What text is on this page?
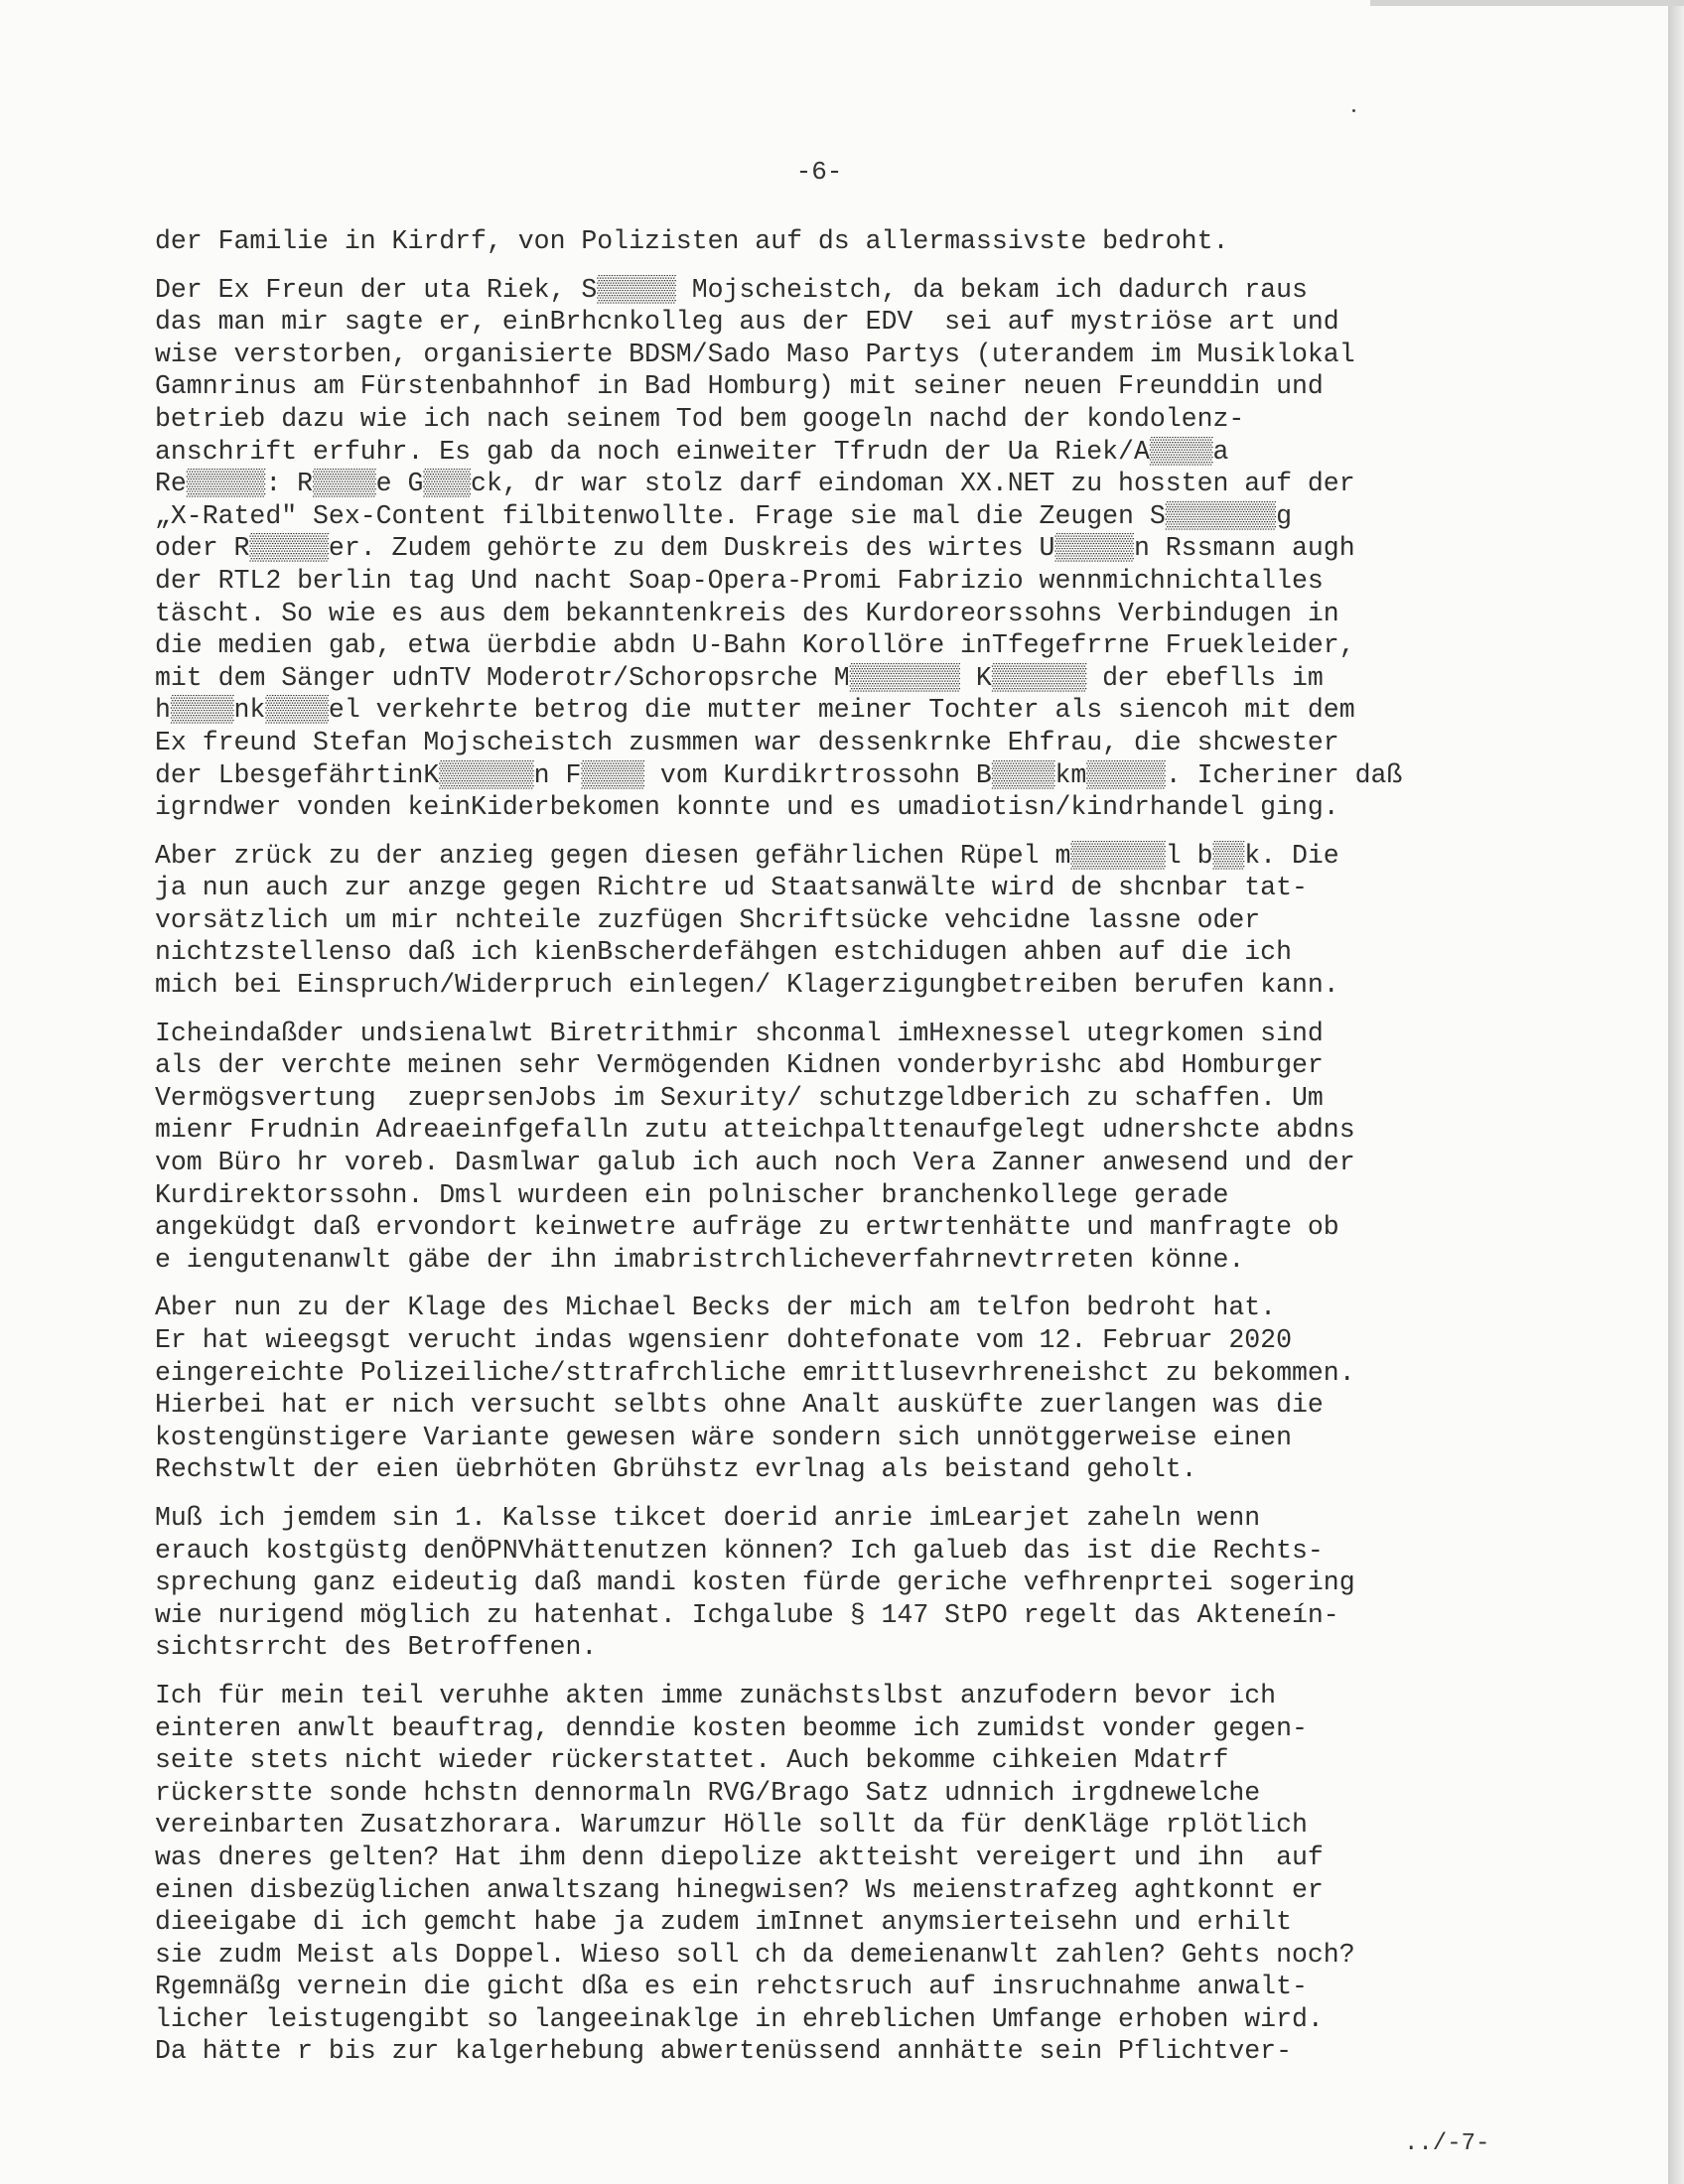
-6-
der Familie in Kirdrf, von Polizisten auf ds allermassivste bedroht.
Der Ex Freun der uta Riek, S▒▒▒▒▒ Mojscheistch, da bekam ich dadurch raus
das man mir sagte er, einBrhcnkolleg aus der EDV  sei auf mystriöse art und
wise verstorben, organisierte BDSM/Sado Maso Partys (uterandem im Musiklokal
Gamnrinus am Fürstenbahnhof in Bad Homburg) mit seiner neuen Freunddin und
betrieb dazu wie ich nach seinem Tod bem googeln nachd der kondolenz-
anschrift erfuhr. Es gab da noch einweiter Tfrudn der Ua Riek/A▒▒▒▒a
Re▒▒▒▒▒: R▒▒▒▒e G▒▒▒ck, dr war stolz darf eindoman XX.NET zu hossten auf der
„X-Rated" Sex-Content filbitenwollte. Frage sie mal die Zeugen S▒▒▒▒▒▒▒g
oder R▒▒▒▒▒er. Zudem gehörte zu dem Duskreis des wirtes U▒▒▒▒▒n Rssmann augh
der RTL2 berlin tag Und nacht Soap-Opera-Promi Fabrizio wennmichnichtalles
täscht. So wie es aus dem bekanntenkreis des Kurdoreorssohns Verbindugen in
die medien gab, etwa üerbdie abdn U-Bahn Korollöre inTfegefrrne Fruekleider,
mit dem Sänger udnTV Moderotr/Schoropsrche M▒▒▒▒▒▒▒ K▒▒▒▒▒▒ der ebeflls im
h▒▒▒▒nk▒▒▒▒el verkehrte betrog die mutter meiner Tochter als siencoh mit dem
Ex freund Stefan Mojscheistch zusmmen war dessenkrnke Ehfrau, die shcwester
der LbesgefährtinK▒▒▒▒▒▒n F▒▒▒▒ vom Kurdikrtrossohn B▒▒▒▒km▒▒▒▒▒. Icheriner daß
igrndwer vonden keinKiderbekomen konnte und es umadiotisn/kindrhandel ging.
Aber zrück zu der anzieg gegen diesen gefährlichen Rüpel m▒▒▒▒▒▒l b▒▒k. Die
ja nun auch zur anzge gegen Richtre ud Staatsanwälte wird de shcnbar tat-
vorsätzlich um mir nchteile zuzfügen Shcriftsücke vehcidne lassne oder
nichtzstellenso daß ich kienBscherdefähgen estchidugen ahben auf die ich
mich bei Einspruch/Widerpruch einlegen/ Klagerzigungbetreiben berufen kann.
Icheindaßder undsienalwt Biretrithmir shconmal imHexnessel utegrkomen sind
als der verchte meinen sehr Vermögenden Kidnen vonderbyrishc abd Homburger
Vermögsvertung  zueprsenJobs im Sexurity/ schutzgeldberich zu schaffen. Um
mienr Frudnin Adreaeinfgefalln zutu atteichpalttenaufgelegt udnershcte abdns
vom Büro hr voreb. Dasmlwar galub ich auch noch Vera Zanner anwesend und der
Kurdirektorssohn. Dmsl wurdeen ein polnischer branchenkollege gerade
angeküdgt daß ervondort keinwetre aufräge zu ertwrtenhätte und manfragte ob
e iengutenanwlt gäbe der ihn imabristrchlicheverfahrnevtrreten könne.
Aber nun zu der Klage des Michael Becks der mich am telfon bedroht hat.
Er hat wieegsgt verucht indas wgensienr dohtefonate vom 12. Februar 2020
eingereichte Polizeiliche/sttrafrchliche emrittlusevrhreneishct zu bekommen.
Hierbei hat er nich versucht selbts ohne Analt ausküfte zuerlangen was die
kostengünstigere Variante gewesen wäre sondern sich unnötggerweise einen
Rechstwlt der eien üebrhöten Gbrühstz evrlnag als beistand geholt.
Muß ich jemdem sin 1. Kalsse tikcet doerid anrie imLearjet zaheln wenn
erauch kostgüstg denÖPNVhättenutzen können? Ich galueb das ist die Rechts-
sprechung ganz eideutig daß mandi kosten fürde geriche vefhrenprtei sogering
wie nurigend möglich zu hatenhat. Ichgalube § 147 StPO regelt das Akteneín-
sichtsrrcht des Betroffenen.
Ich für mein teil veruhhe akten imme zunächstslbst anzufodern bevor ich
einteren anwlt beauftrag, denndie kosten beomme ich zumidst vonder gegen-
seite stets nicht wieder rückerstattet. Auch bekomme cihkeien Mdatrf
rückerstte sonde hchstn dennormaln RVG/Brago Satz udnnich irgdnewelche
vereinbarten Zusatzhorara. Warumzur Hölle sollt da für denKläge rplötlich
was dneres gelten? Hat ihm denn diepolize aktteisht vereigert und ihn  auf
einen disbezüglichen anwaltszang hinegwisen? Ws meienstrafzeg aghtkonnt er
dieeigabe di ich gemcht habe ja zudem imInnet anymsierteisehn und erhilt
sie zudm Meist als Doppel. Wieso soll ch da demeienanwlt zahlen? Gehts noch?
Rgemnäßg vernein die gicht dßa es ein rehctsruch auf insruchnahme anwalt-
licher leistugengibt so langeeinaklge in ehreblichen Umfange erhoben wird.
Da hätte r bis zur kalgerhebung abwertenüssend annhätte sein Pflichtver-
../-7-
